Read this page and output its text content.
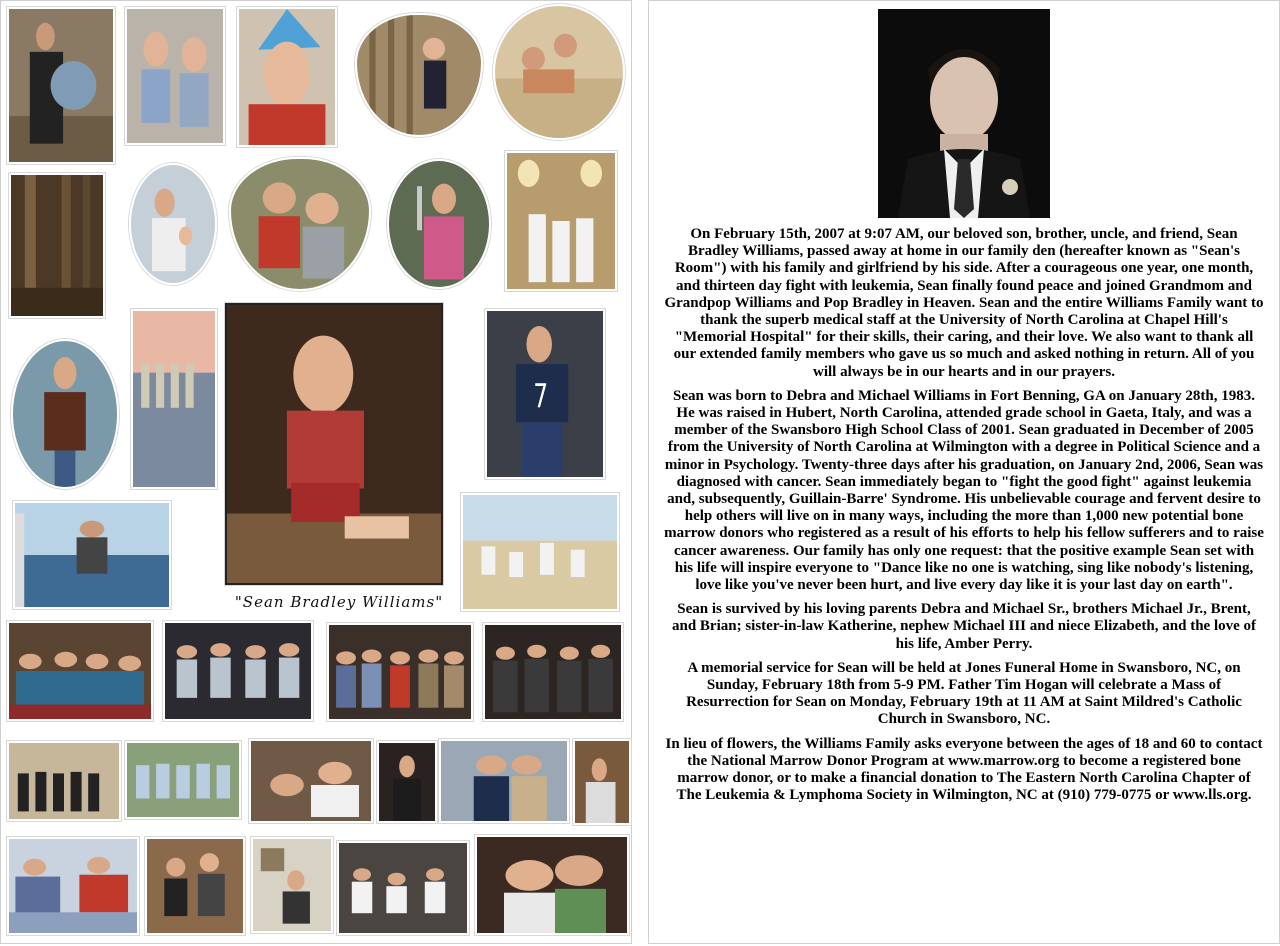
7
"Sean Bradley Williams"

On February 15th, 2007 at 9:07 AM, our beloved son, brother, uncle, and friend, Sean Bradley Williams, passed away at home in our family den (hereafter known as "Sean's Room") with his family and girlfriend by his side. After a courageous one year, one month, and thirteen day fight with leukemia, Sean finally found peace and joined Grandmom and Grandpop Williams and Pop Bradley in Heaven. Sean and the entire Williams Family want to thank the superb medical staff at the University of North Carolina at Chapel Hill's "Memorial Hospital" for their skills, their caring, and their love. We also want to thank all our extended family members who gave us so much and asked nothing in return. All of you will always be in our hearts and in our prayers.

Sean was born to Debra and Michael Williams in Fort Benning, GA on January 28th, 1983. He was raised in Hubert, North Carolina, attended grade school in Gaeta, Italy, and was a member of the Swansboro High School Class of 2001. Sean graduated in December of 2005 from the University of North Carolina at Wilmington with a degree in Political Science and a minor in Psychology. Twenty-three days after his graduation, on January 2nd, 2006, Sean was diagnosed with cancer. Sean immediately began to "fight the good fight" against leukemia and, subsequently, Guillain-Barre' Syndrome. His unbelievable courage and fervent desire to help others will live on in many ways, including the more than 1,000 new potential bone marrow donors who registered as a result of his efforts to help his fellow sufferers and to raise cancer awareness. Our family has only one request: that the positive example Sean set with his life will inspire everyone to "Dance like no one is watching, sing like nobody's listening, love like you've never been hurt, and live every day like it is your last day on earth".

Sean is survived by his loving parents Debra and Michael Sr., brothers Michael Jr., Brent, and Brian; sister-in-law Katherine, nephew Michael III and niece Elizabeth, and the love of his life, Amber Perry.

A memorial service for Sean will be held at Jones Funeral Home in Swansboro, NC, on Sunday, February 18th from 5-9 PM. Father Tim Hogan will celebrate a Mass of Resurrection for Sean on Monday, February 19th at 11 AM at Saint Mildred's Catholic Church in Swansboro, NC.

In lieu of flowers, the Williams Family asks everyone between the ages of 18 and 60 to contact the National Marrow Donor Program at www.marrow.org to become a registered bone marrow donor, or to make a financial donation to The Eastern North Carolina Chapter of The Leukemia & Lymphoma Society in Wilmington, NC at (910) 779-0775 or www.lls.org.
